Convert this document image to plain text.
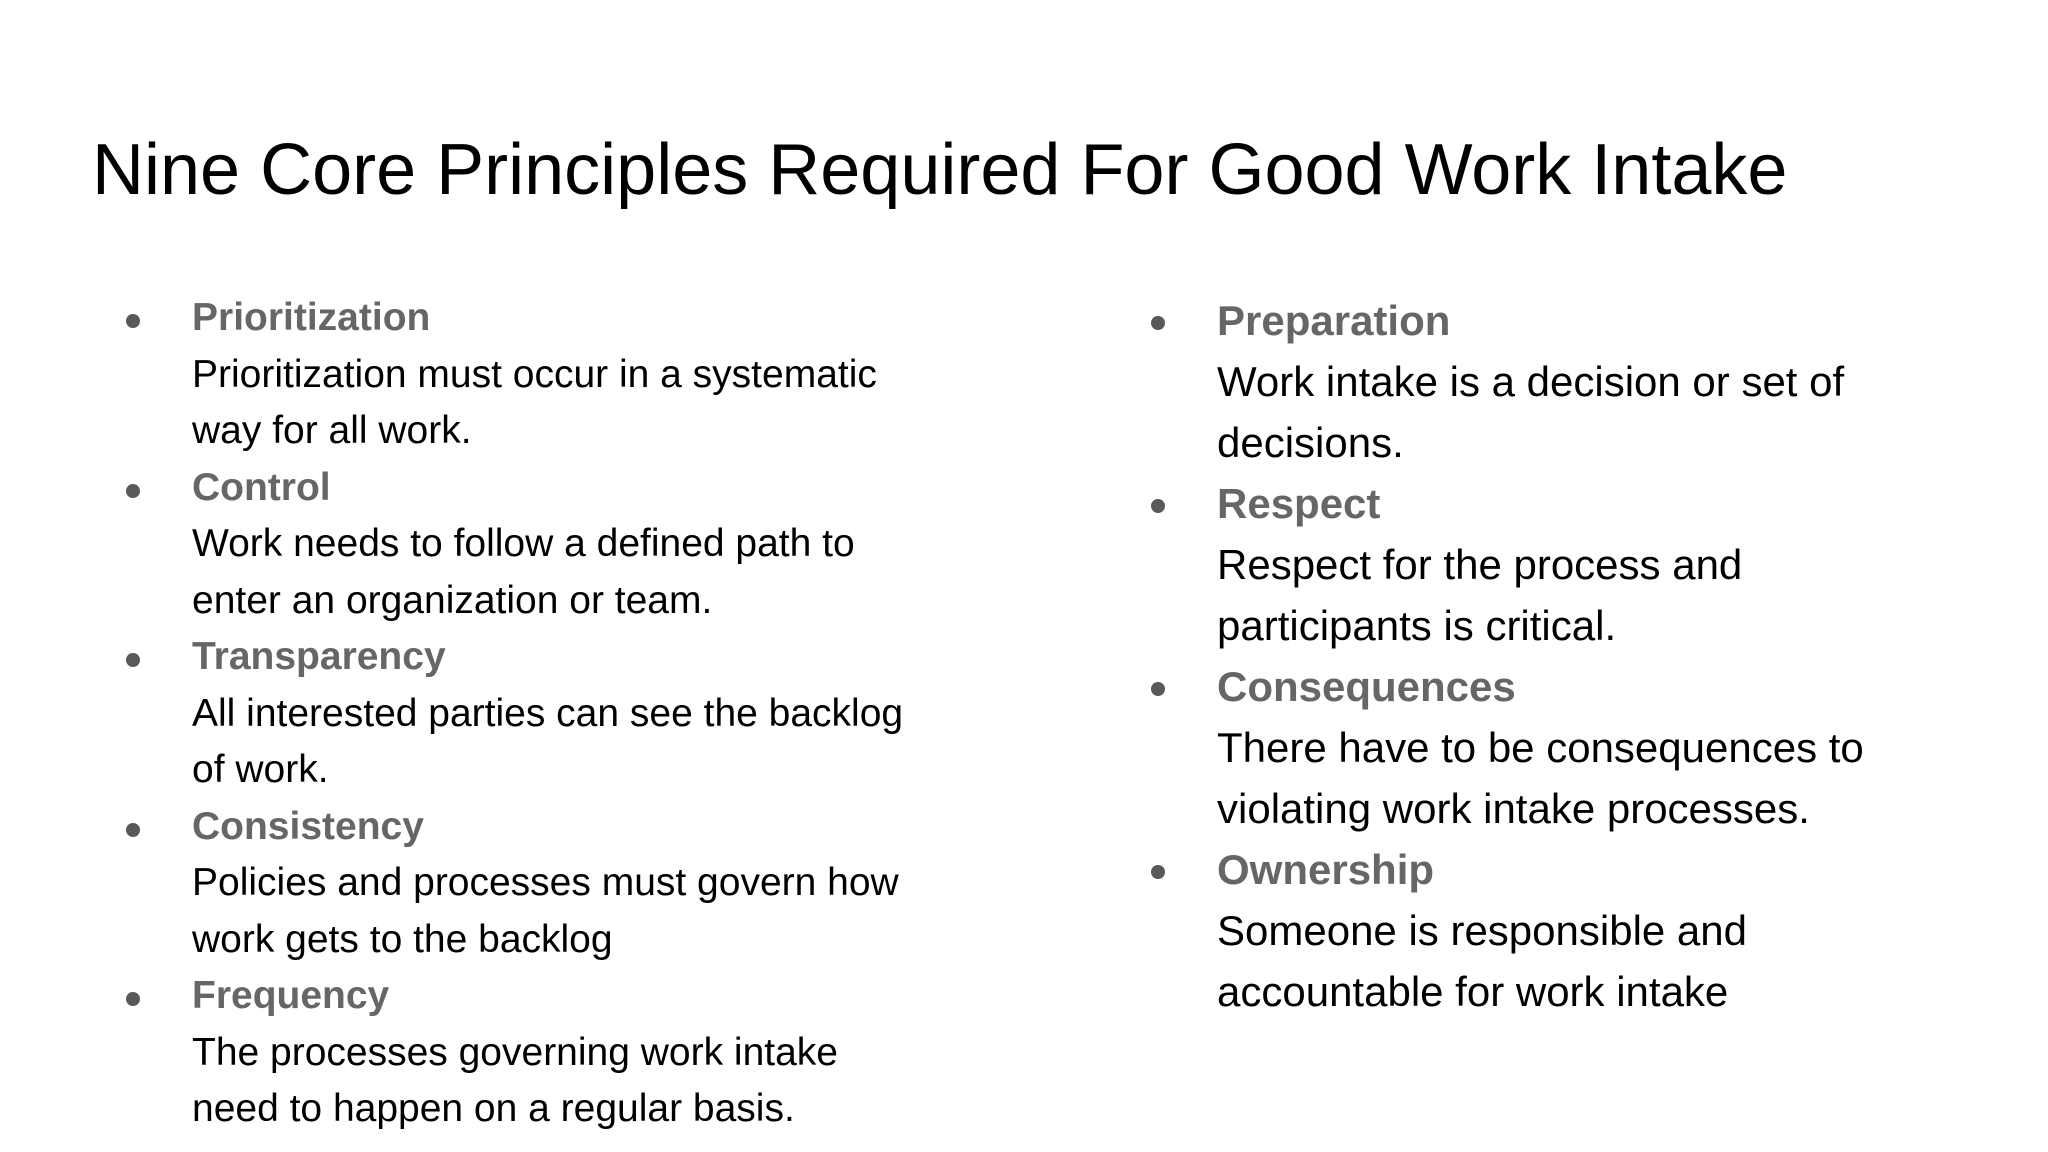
Nine Core Principles Required For Good Work Intake
Prioritization
Prioritization must occur in a systematic
way for all work.
Control
Work needs to follow a defined path to
enter an organization or team.
Transparency
All interested parties can see the backlog
of work.
Consistency
Policies and processes must govern how
work gets to the backlog
Frequency
The processes governing work intake
need to happen on a regular basis.
Preparation
Work intake is a decision or set of
decisions.
Respect
Respect for the process and
participants is critical.
Consequences
There have to be consequences to
violating work intake processes.
Ownership
Someone is responsible and
accountable for work intake
